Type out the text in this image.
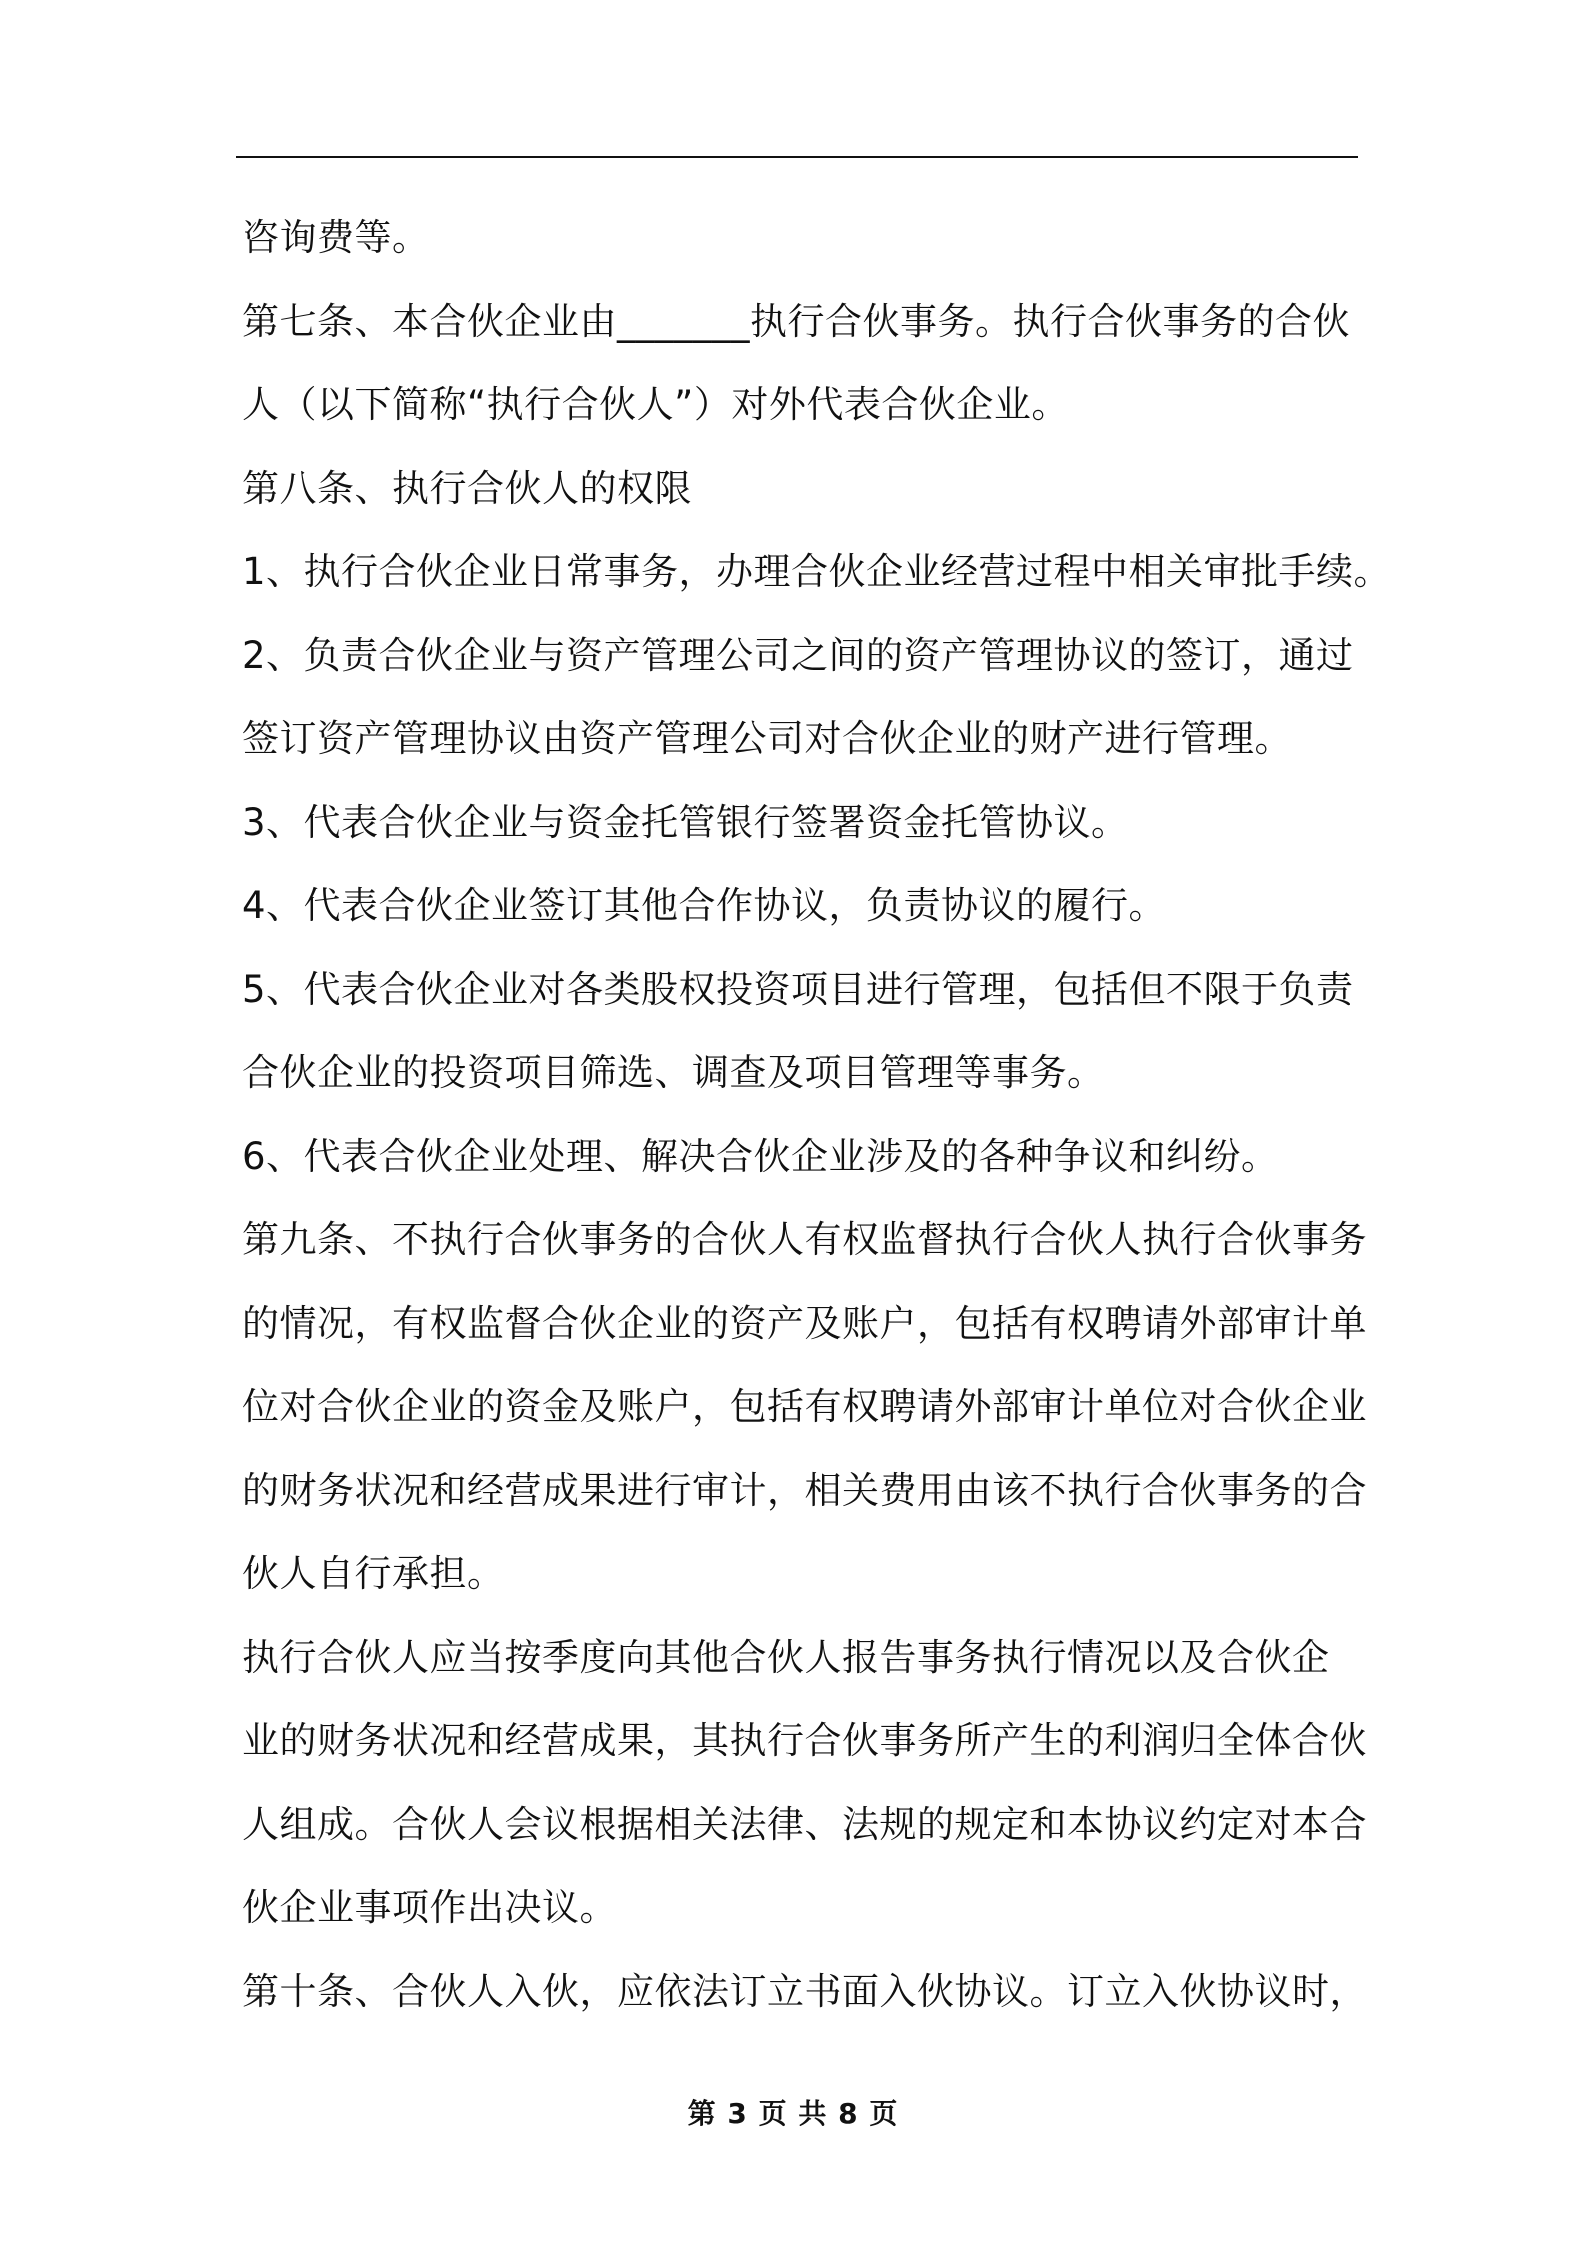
咨询费等。
第七条、本合伙企业由_______执行合伙事务。执行合伙事务的合伙
人（以下简称“执行合伙人”）对外代表合伙企业。
第八条、执行合伙人的权限
1、执行合伙企业日常事务，办理合伙企业经营过程中相关审批手续。
2、负责合伙企业与资产管理公司之间的资产管理协议的签订，通过
签订资产管理协议由资产管理公司对合伙企业的财产进行管理。
3、代表合伙企业与资金托管银行签署资金托管协议。
4、代表合伙企业签订其他合作协议，负责协议的履行。
5、代表合伙企业对各类股权投资项目进行管理，包括但不限于负责
合伙企业的投资项目筛选、调查及项目管理等事务。
6、代表合伙企业处理、解决合伙企业涉及的各种争议和纠纷。
第九条、不执行合伙事务的合伙人有权监督执行合伙人执行合伙事务
的情况，有权监督合伙企业的资产及账户，包括有权聘请外部审计单
位对合伙企业的资金及账户，包括有权聘请外部审计单位对合伙企业
的财务状况和经营成果进行审计，相关费用由该不执行合伙事务的合
伙人自行承担。
执行合伙人应当按季度向其他合伙人报告事务执行情况以及合伙企
业的财务状况和经营成果，其执行合伙事务所产生的利润归全体合伙
人组成。合伙人会议根据相关法律、法规的规定和本协议约定对本合
伙企业事项作出决议。
第十条、合伙人入伙，应依法订立书面入伙协议。订立入伙协议时，
第 3 页 共 8 页
